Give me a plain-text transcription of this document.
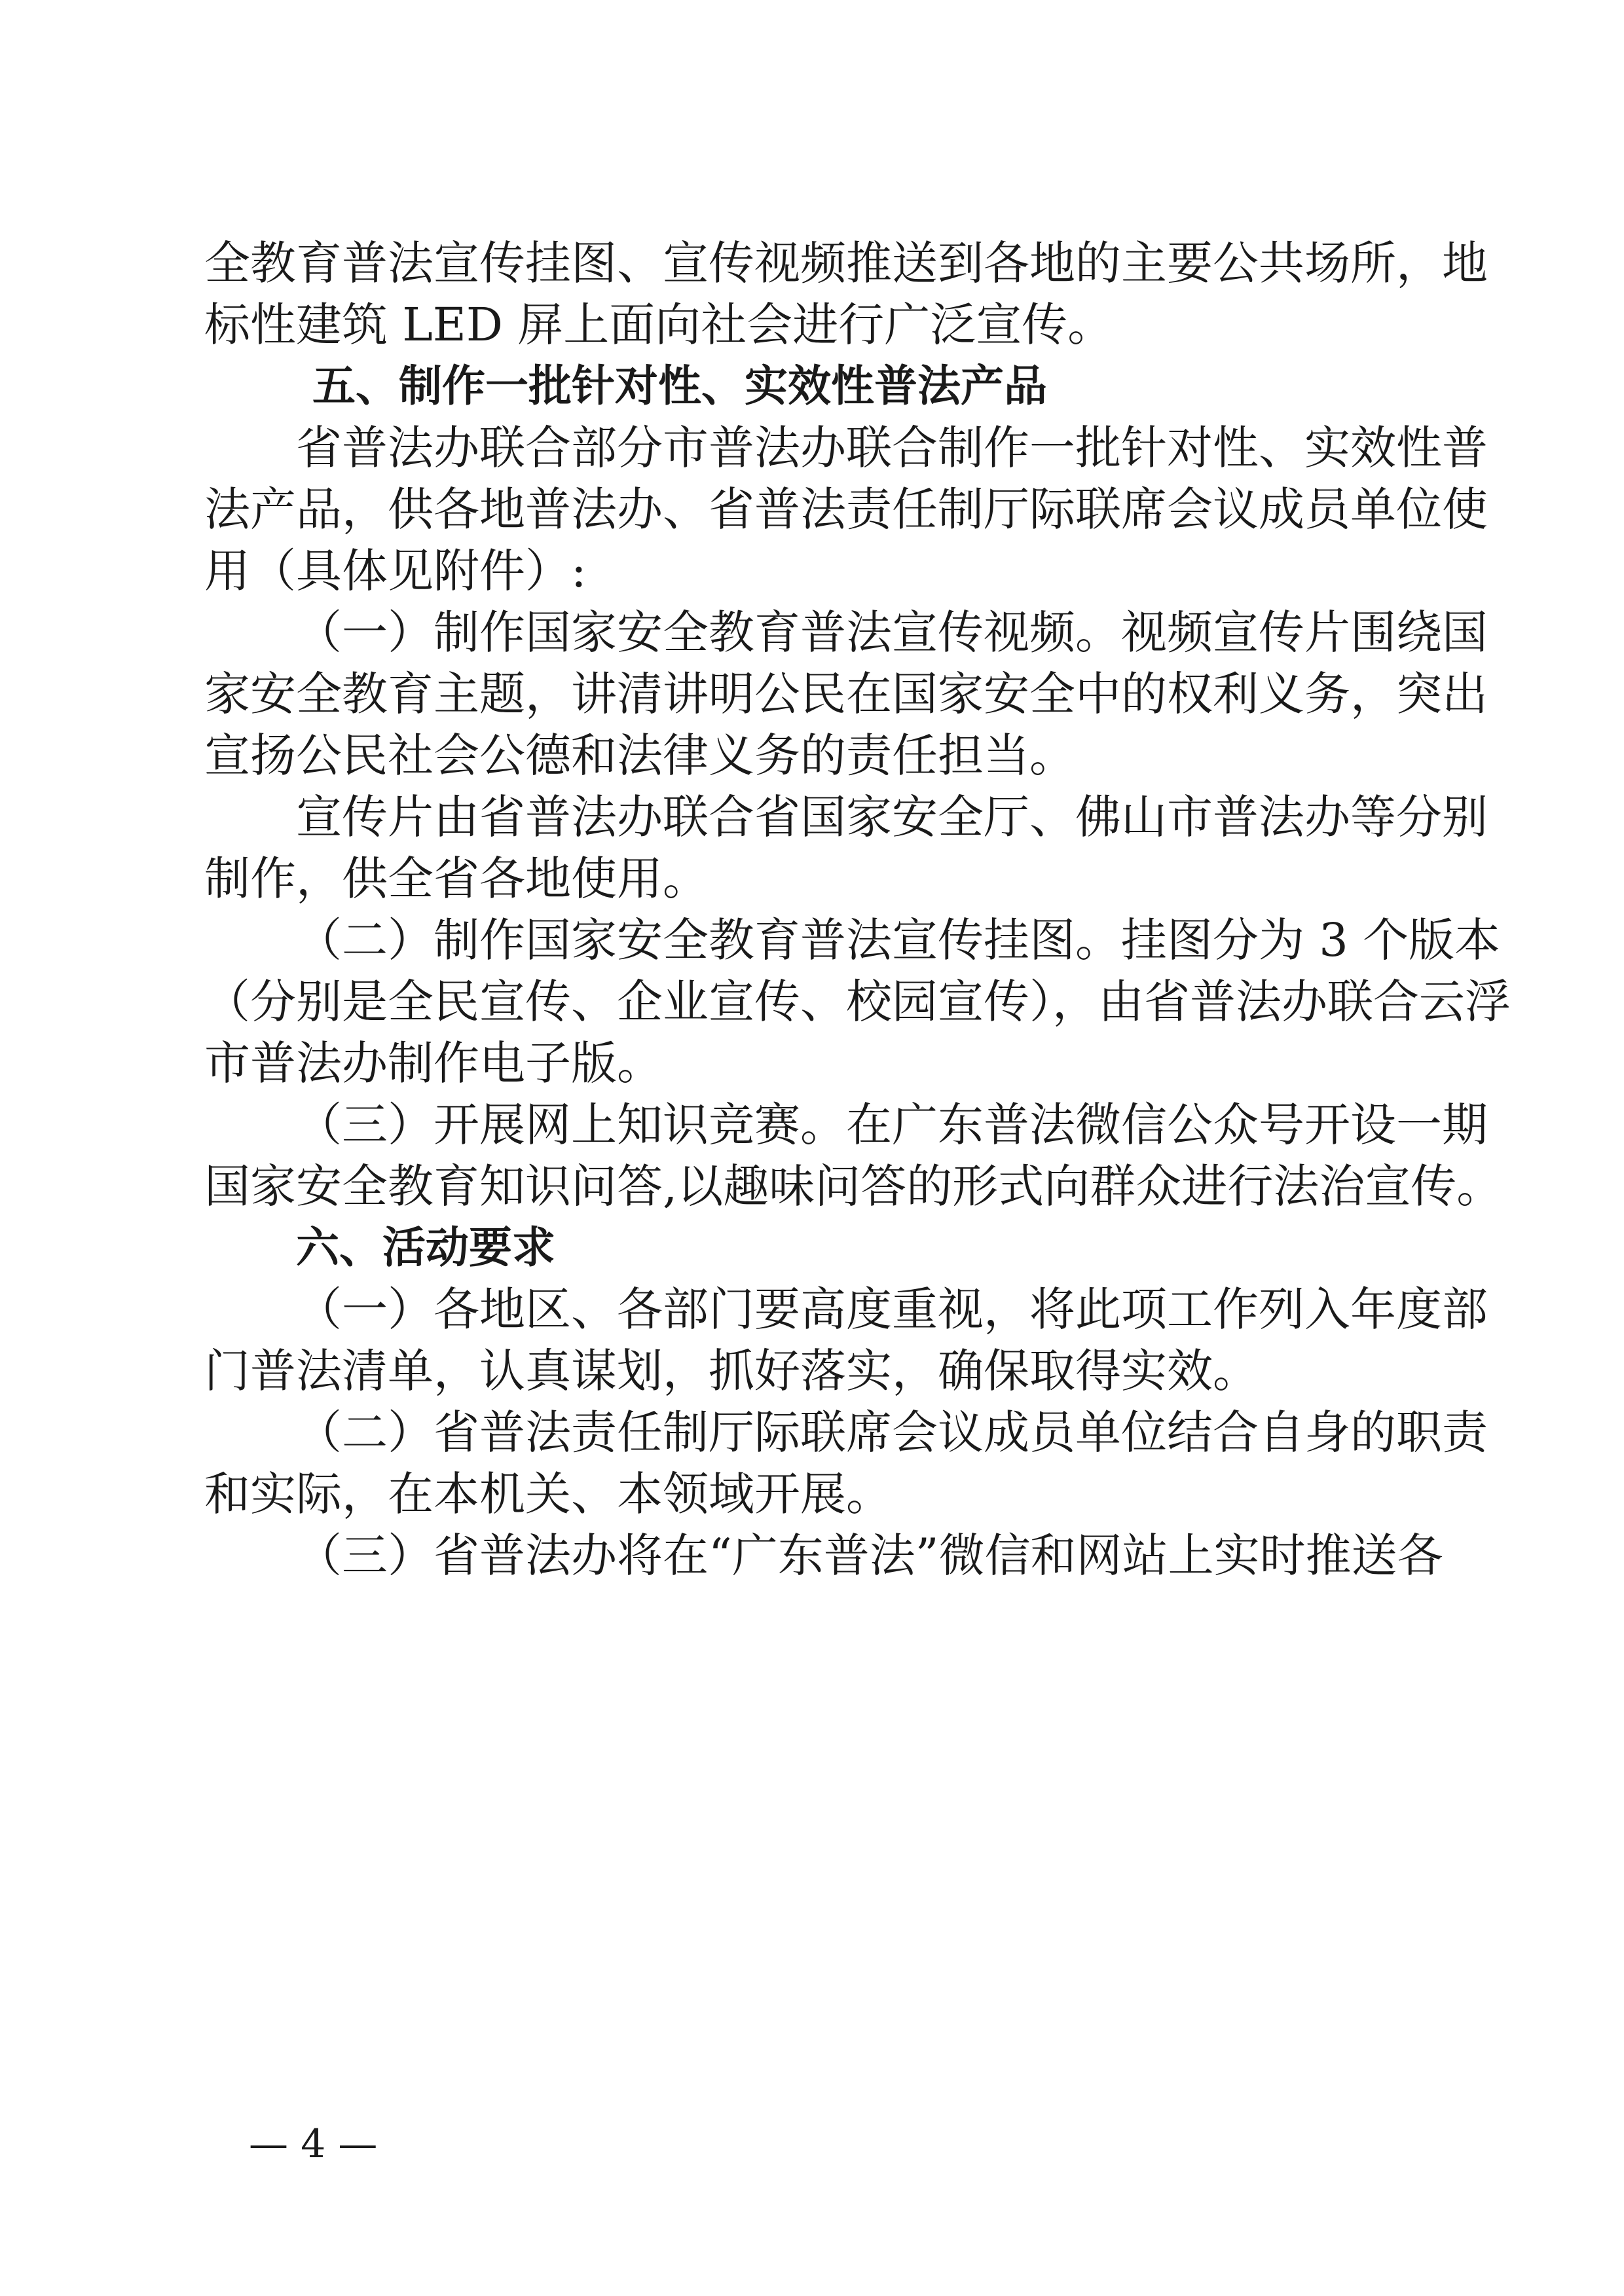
全教育普法宣传挂图、宣传视频推送到各地的主要公共场所，地

标性建筑 LED 屏上面向社会进行广泛宣传。

五、制作一批针对性、实效性普法产品

省普法办联合部分市普法办联合制作一批针对性、实效性普

法产品，供各地普法办、省普法责任制厅际联席会议成员单位使

用（具体见附件）:

（一）制作国家安全教育普法宣传视频。视频宣传片围绕国

家安全教育主题，讲清讲明公民在国家安全中的权利义务，突出

宣扬公民社会公德和法律义务的责任担当。

宣传片由省普法办联合省国家安全厅、佛山市普法办等分别

制作，供全省各地使用。

（二）制作国家安全教育普法宣传挂图。挂图分为 3 个版本

（分别是全民宣传、企业宣传、校园宣传），由省普法办联合云浮

市普法办制作电子版。

（三）开展网上知识竞赛。在广东普法微信公众号开设一期

国家安全教育知识问答,以趣味问答的形式向群众进行法治宣传。

六、活动要求

（一）各地区、各部门要高度重视，将此项工作列入年度部

门普法清单，认真谋划，抓好落实，确保取得实效。

（二）省普法责任制厅际联席会议成员单位结合自身的职责

和实际，在本机关、本领域开展。

（三）省普法办将在“广东普法”微信和网站上实时推送各

— 4 —
